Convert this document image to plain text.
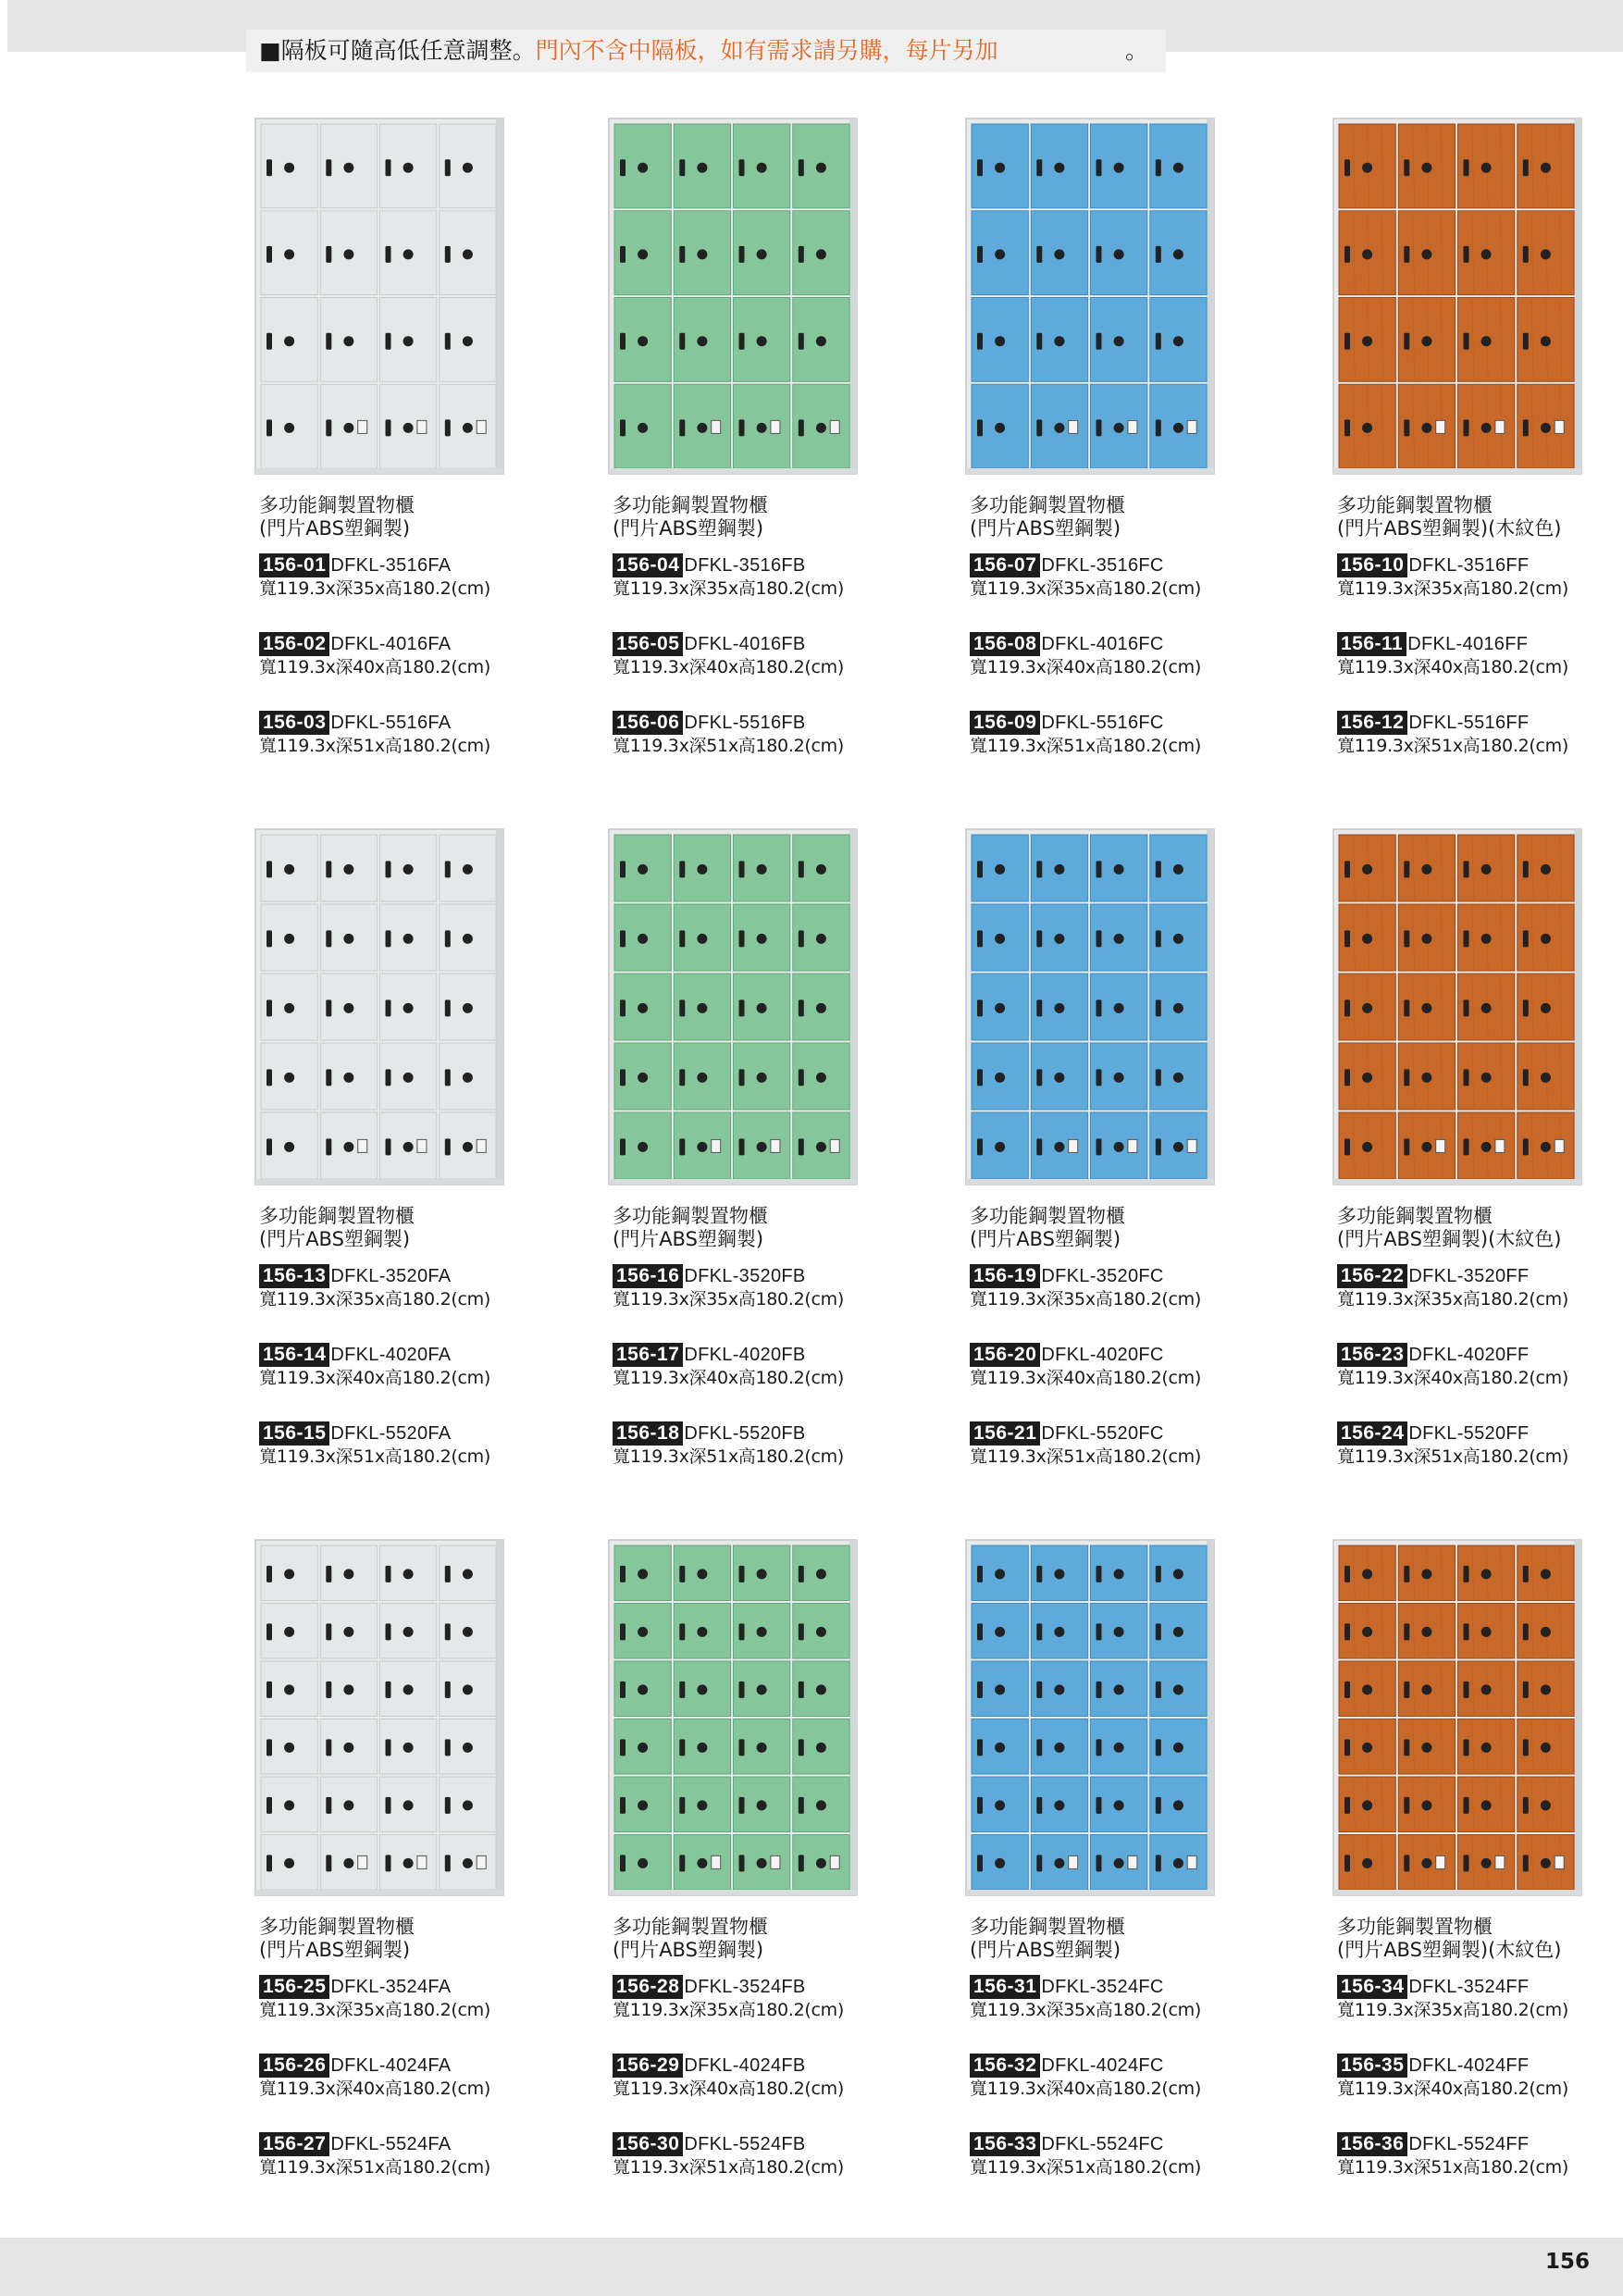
■隔板可隨高低任意調整。門內不含中隔板，如有需求請另購，每片另加	。
多功能鋼製置物櫃
(門片ABS塑鋼製)
156-01 DFKL-3516FA
寬119.3x深35x高180.2(cm)
156-02 DFKL-4016FA
寬119.3x深40x高180.2(cm)
156-03 DFKL-5516FA
寬119.3x深51x高180.2(cm)
多功能鋼製置物櫃
(門片ABS塑鋼製)
156-04 DFKL-3516FB
寬119.3x深35x高180.2(cm)
156-05 DFKL-4016FB
寬119.3x深40x高180.2(cm)
156-06 DFKL-5516FB
寬119.3x深51x高180.2(cm)
多功能鋼製置物櫃
(門片ABS塑鋼製)
156-07 DFKL-3516FC
寬119.3x深35x高180.2(cm)
156-08 DFKL-4016FC
寬119.3x深40x高180.2(cm)
156-09 DFKL-5516FC
寬119.3x深51x高180.2(cm)
多功能鋼製置物櫃
(門片ABS塑鋼製)(木紋色)
156-10 DFKL-3516FF
寬119.3x深35x高180.2(cm)
156-11 DFKL-4016FF
寬119.3x深40x高180.2(cm)
156-12 DFKL-5516FF
寬119.3x深51x高180.2(cm)
多功能鋼製置物櫃
(門片ABS塑鋼製)
156-13 DFKL-3520FA
寬119.3x深35x高180.2(cm)
156-14 DFKL-4020FA
寬119.3x深40x高180.2(cm)
156-15 DFKL-5520FA
寬119.3x深51x高180.2(cm)
多功能鋼製置物櫃
(門片ABS塑鋼製)
156-16 DFKL-3520FB
寬119.3x深35x高180.2(cm)
156-17 DFKL-4020FB
寬119.3x深40x高180.2(cm)
156-18 DFKL-5520FB
寬119.3x深51x高180.2(cm)
多功能鋼製置物櫃
(門片ABS塑鋼製)
156-19 DFKL-3520FC
寬119.3x深35x高180.2(cm)
156-20 DFKL-4020FC
寬119.3x深40x高180.2(cm)
156-21 DFKL-5520FC
寬119.3x深51x高180.2(cm)
多功能鋼製置物櫃
(門片ABS塑鋼製)(木紋色)
156-22 DFKL-3520FF
寬119.3x深35x高180.2(cm)
156-23 DFKL-4020FF
寬119.3x深40x高180.2(cm)
156-24 DFKL-5520FF
寬119.3x深51x高180.2(cm)
多功能鋼製置物櫃
(門片ABS塑鋼製)
156-25 DFKL-3524FA
寬119.3x深35x高180.2(cm)
156-26 DFKL-4024FA
寬119.3x深40x高180.2(cm)
156-27 DFKL-5524FA
寬119.3x深51x高180.2(cm)
多功能鋼製置物櫃
(門片ABS塑鋼製)
156-28 DFKL-3524FB
寬119.3x深35x高180.2(cm)
156-29 DFKL-4024FB
寬119.3x深40x高180.2(cm)
156-30 DFKL-5524FB
寬119.3x深51x高180.2(cm)
多功能鋼製置物櫃
(門片ABS塑鋼製)
156-31 DFKL-3524FC
寬119.3x深35x高180.2(cm)
156-32 DFKL-4024FC
寬119.3x深40x高180.2(cm)
156-33 DFKL-5524FC
寬119.3x深51x高180.2(cm)
多功能鋼製置物櫃
(門片ABS塑鋼製)(木紋色)
156-34 DFKL-3524FF
寬119.3x深35x高180.2(cm)
156-35 DFKL-4024FF
寬119.3x深40x高180.2(cm)
156-36 DFKL-5524FF
寬119.3x深51x高180.2(cm)
156
